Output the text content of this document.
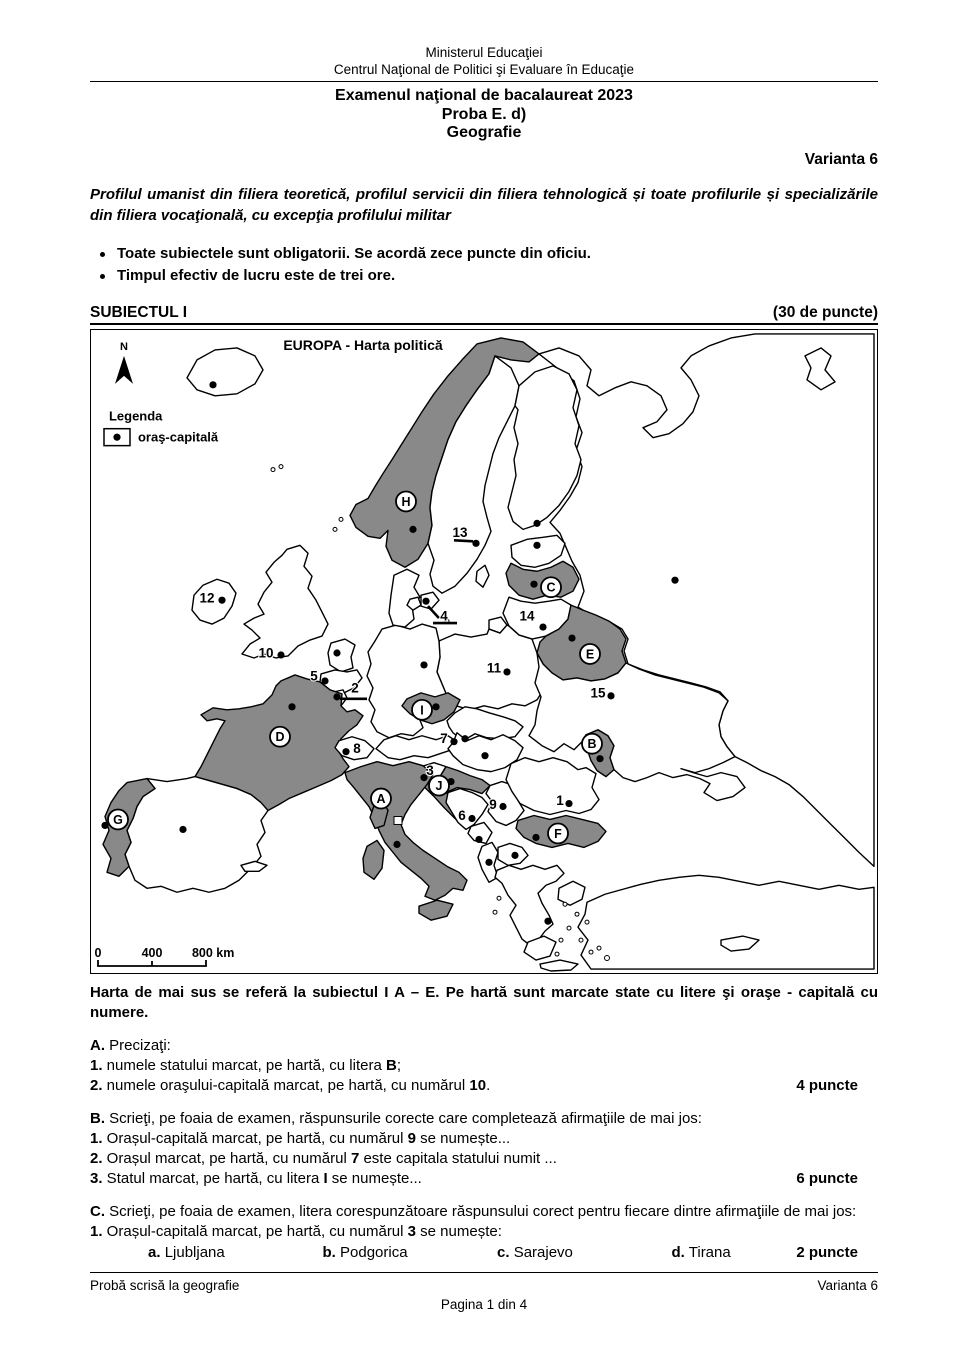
Ministerul Educaţiei
Centrul Naţional de Politici şi Evaluare în Educaţie
Examenul naţional de bacalaureat 2023
Proba E. d)
Geografie
Varianta 6

Profilul umanist din filiera teoretică, profilul servicii din filiera tehnologică și toate profilurile și specializările din filiera vocaţională, cu excepţia profilului militar

Toate subiectele sunt obligatorii. Se acordă zece puncte din oficiu.
Timpul efectiv de lucru este de trei ore.
SUBIECTUL I	(30 de puncte)
N	EUROPA - Harta politică
Legenda
oraş-capitală
0	400 800 km
1
2
3
4
5
6
7
8
9
10
11
12
13
14
15
H
C
E
D
I
B
J
A
G
F

Harta de mai sus se referă la subiectul I A – E. Pe hartă sunt marcate state cu litere şi oraşe - capitală cu numere.

A. Precizaţi:
1. numele statului marcat, pe hartă, cu litera B;
2. numele oraşului-capitală marcat, pe hartă, cu numărul 10.	4 puncte
B. Scrieţi, pe foaia de examen, răspunsurile corecte care completează afirmaţiile de mai jos:
1. Orașul-capitală marcat, pe hartă, cu numărul 9 se numește...
2. Orașul marcat, pe hartă, cu numărul 7 este capitala statului numit ...
3. Statul marcat, pe hartă, cu litera I se numește...	6 puncte
C. Scrieţi, pe foaia de examen, litera corespunzătoare răspunsului corect pentru fiecare dintre afirmaţiile de mai jos:
1. Orașul-capitală marcat, pe hartă, cu numărul 3 se numește:
a. Ljubljana	b. Podgorica	c. Sarajevo	d. Tirana	2 puncte
Probă scrisă la geografie	Varianta 6
Pagina 1 din 4
